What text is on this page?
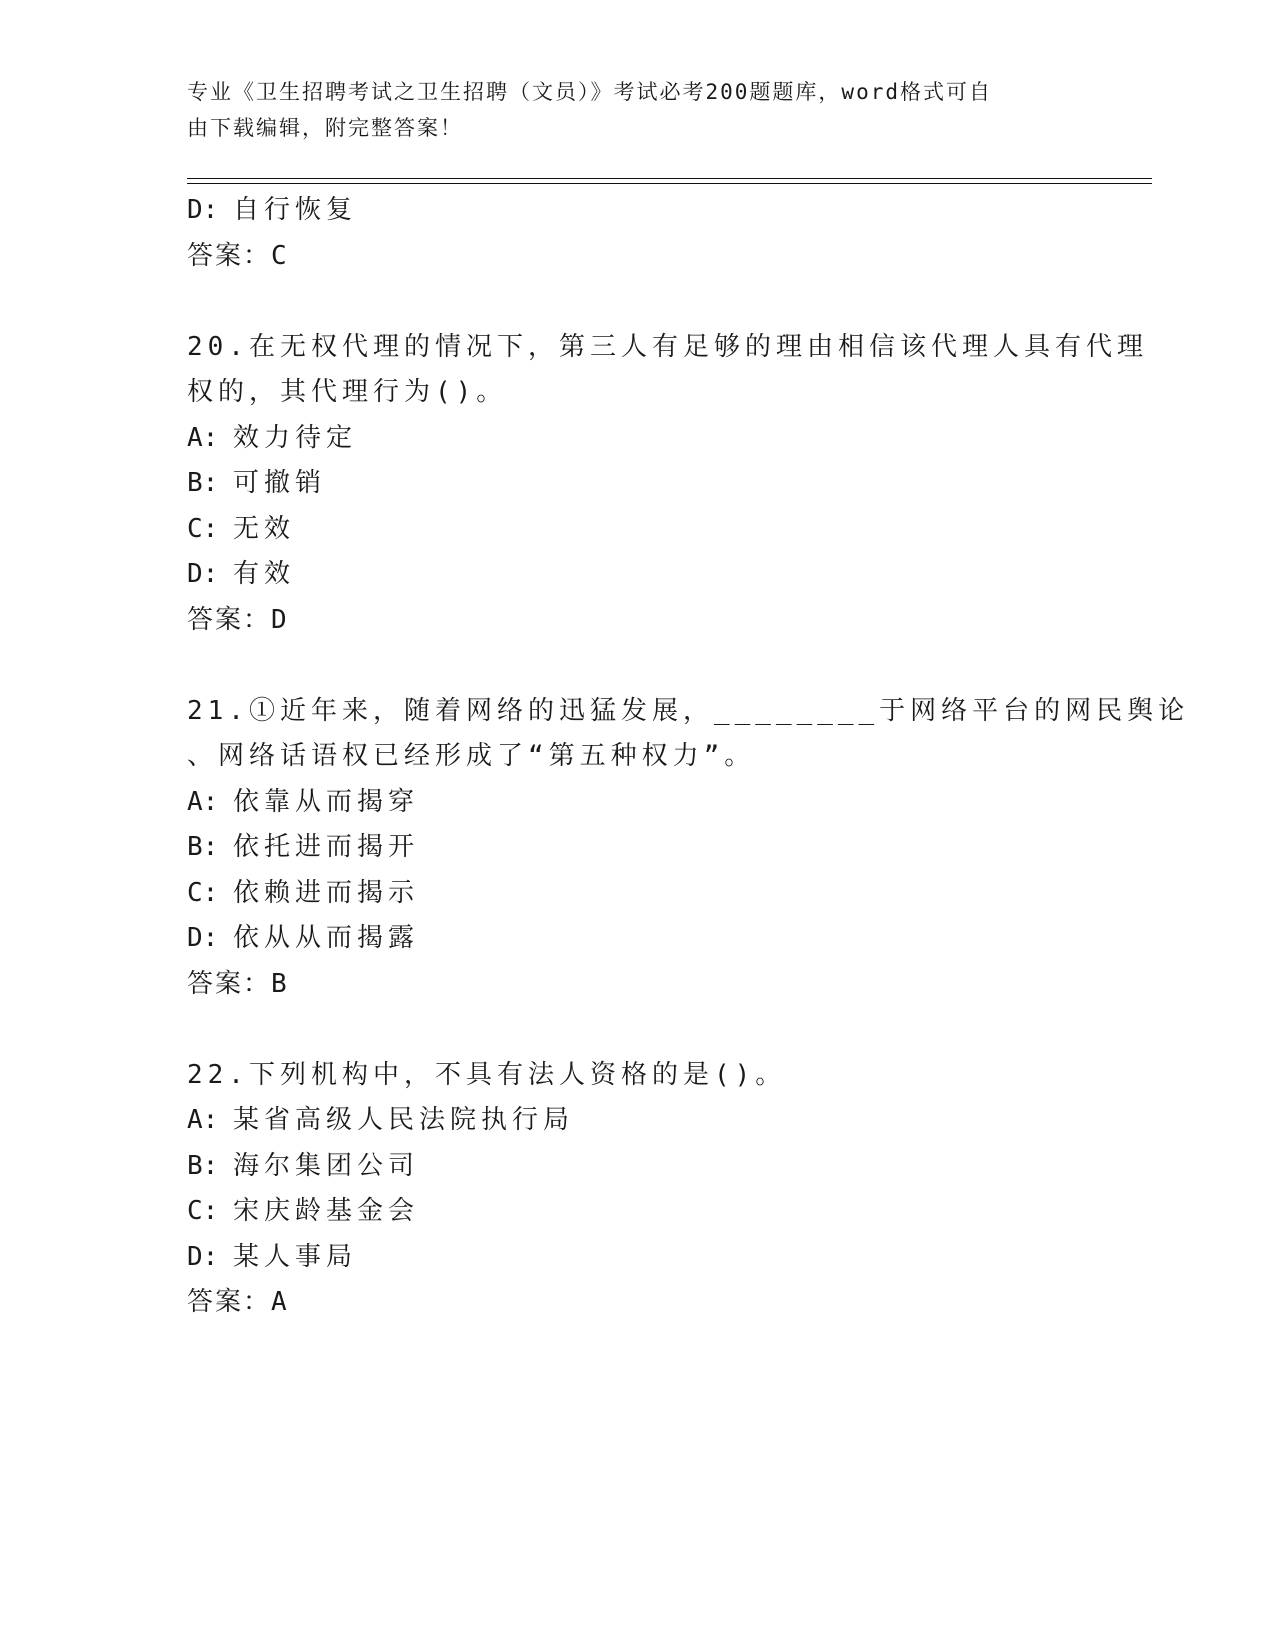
专业《卫生招聘考试之卫生招聘（文员）》考试必考200题题库，word格式可自
由下载编辑，附完整答案！

D: 自行恢复

答案：C

20.在无权代理的情况下，第三人有足够的理由相信该代理人具有代理

权的，其代理行为()。

A: 效力待定

B: 可撤销

C: 无效

D: 有效

答案：D

21.①近年来，随着网络的迅猛发展，________于网络平台的网民舆论

、网络话语权已经形成了“第五种权力”。

A: 依靠从而揭穿

B: 依托进而揭开

C: 依赖进而揭示

D: 依从从而揭露

答案：B

22.下列机构中，不具有法人资格的是()。

A: 某省高级人民法院执行局

B: 海尔集团公司

C: 宋庆龄基金会

D: 某人事局

答案：A
